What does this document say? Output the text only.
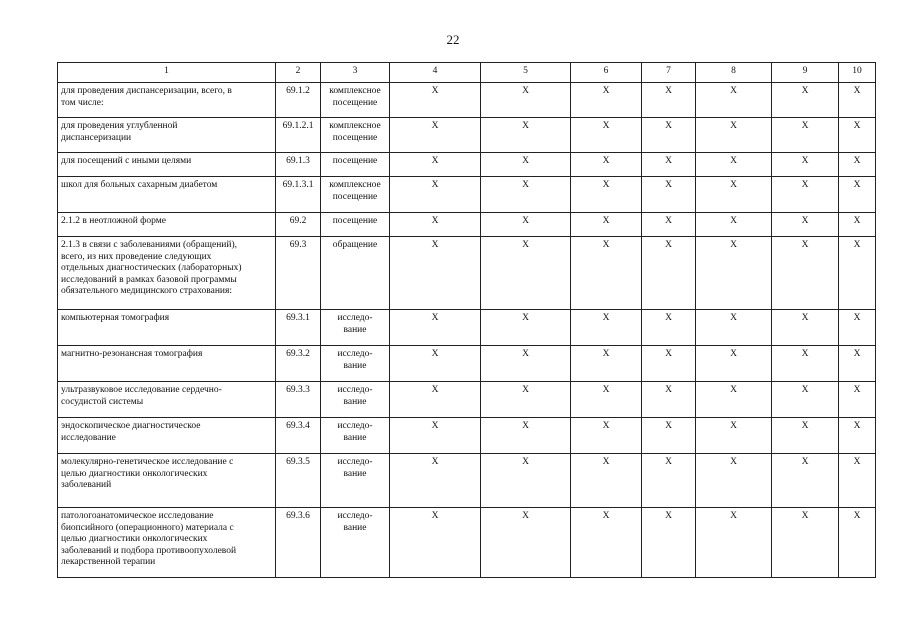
22
1	2	3	4	5	6	7	8	9	10
для проведения диспансеризации, всего, в
том числе:	69.1.2	комплексное
посещение	X	X	X	X	X	X	X
для проведения углубленной
диспансеризации	69.1.2.1	комплексное
посещение	X	X	X	X	X	X	X
для посещений с иными целями	69.1.3	посещение	X	X	X	X	X	X	X
школ для больных сахарным диабетом	69.1.3.1	комплексное
посещение	X	X	X	X	X	X	X
2.1.2 в неотложной форме	69.2	посещение	X	X	X	X	X	X	X
2.1.3 в связи с заболеваниями (обращений),
всего, из них проведение следующих
отдельных диагностических (лабораторных)
исследований в рамках базовой программы
обязательного медицинского страхования:	69.3	обращение	X	X	X	X	X	X	X
компьютерная томография	69.3.1	исследо-
вание	X	X	X	X	X	X	X
магнитно-резонансная томография	69.3.2	исследо-
вание	X	X	X	X	X	X	X
ультразвуковое исследование сердечно-
сосудистой системы	69.3.3	исследо-
вание	X	X	X	X	X	X	X
эндоскопическое диагностическое
исследование	69.3.4	исследо-
вание	X	X	X	X	X	X	X
молекулярно-генетическое исследование с
целью диагностики онкологических
заболеваний	69.3.5	исследо-
вание	X	X	X	X	X	X	X
патологоанатомическое исследование
биопсийного (операционного) материала с
целью диагностики онкологических
заболеваний и подбора противоопухолевой
лекарственной терапии	69.3.6	исследо-
вание	X	X	X	X	X	X	X
